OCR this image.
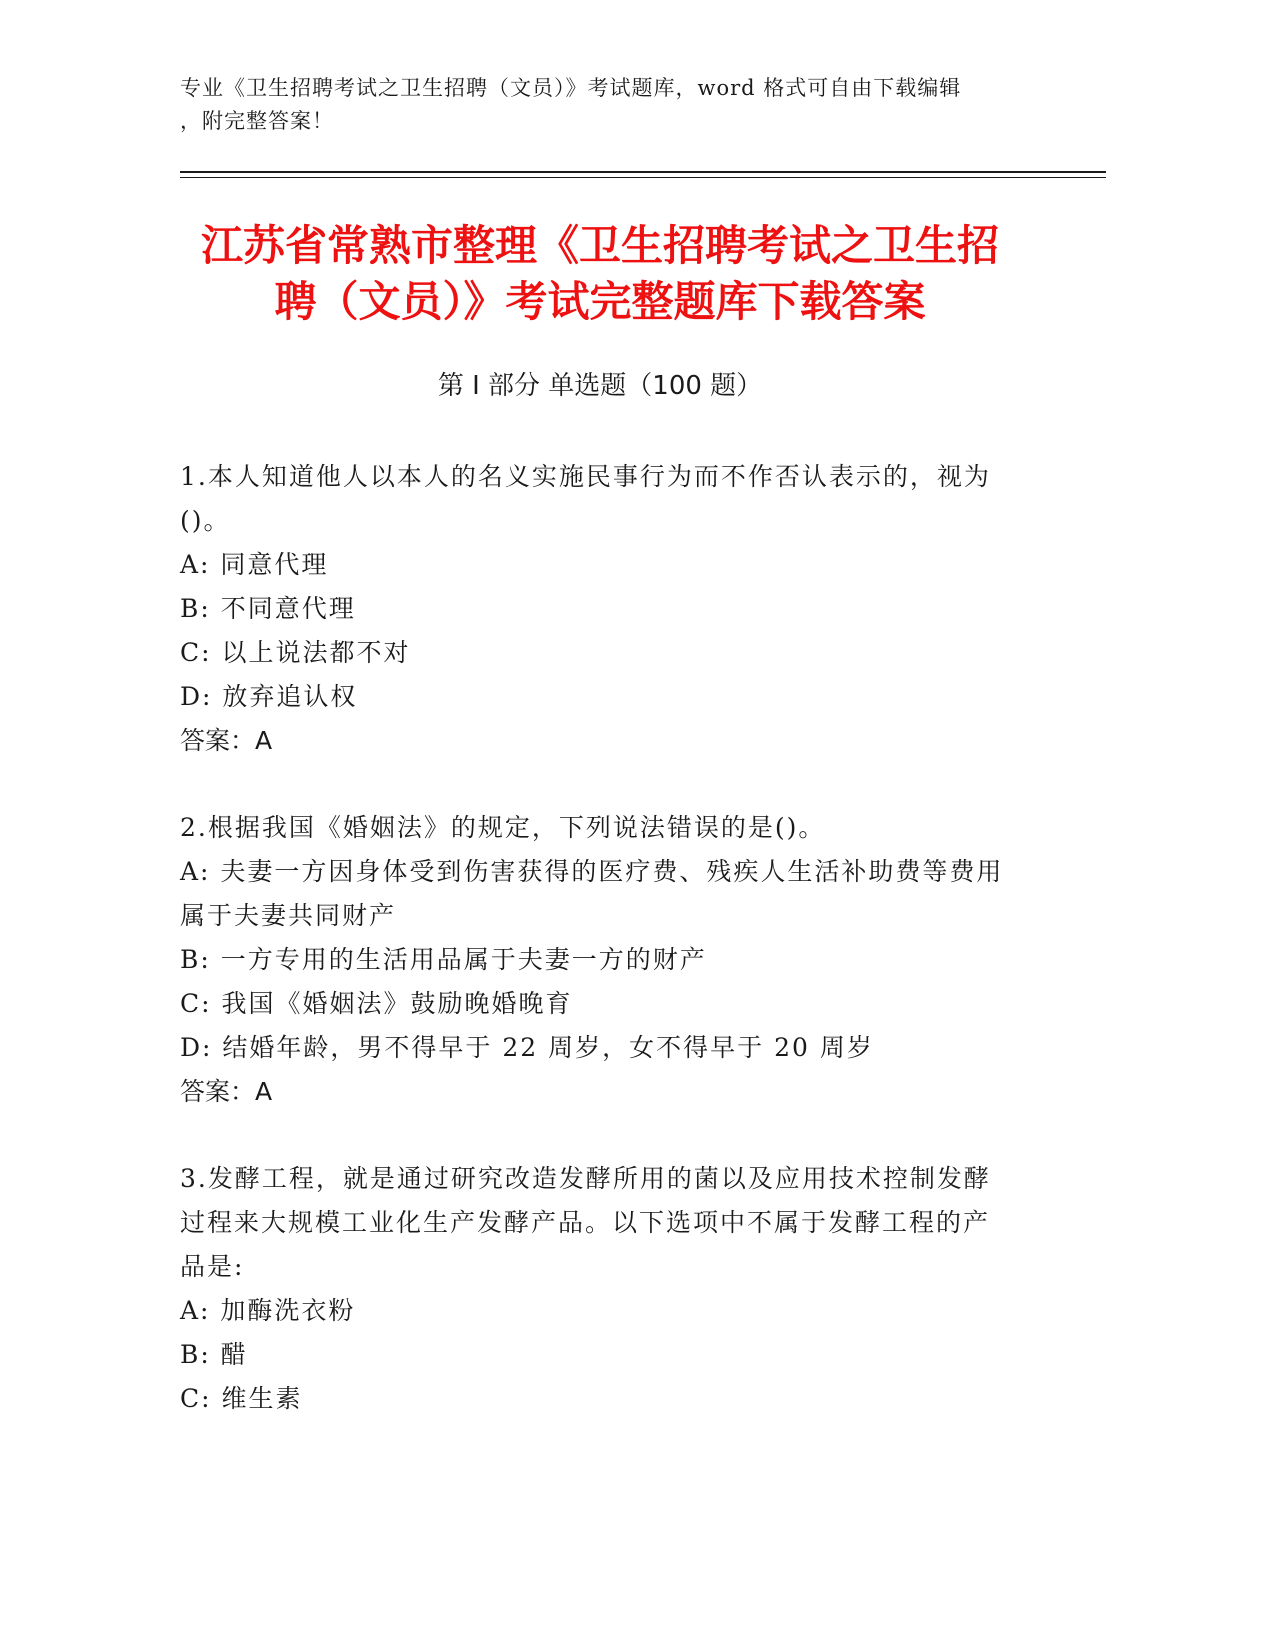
专业《卫生招聘考试之卫生招聘（文员）》考试题库，word 格式可自由下载编辑
，附完整答案！
江苏省常熟市整理《卫生招聘考试之卫生招
聘（文员）》考试完整题库下载答案
第 I 部分 单选题（100 题）
1.本人知道他人以本人的名义实施民事行为而不作否认表示的，视为
()。
A: 同意代理
B: 不同意代理
C: 以上说法都不对
D: 放弃追认权
答案：A
2.根据我国《婚姻法》的规定，下列说法错误的是()。
A: 夫妻一方因身体受到伤害获得的医疗费、残疾人生活补助费等费用
属于夫妻共同财产
B: 一方专用的生活用品属于夫妻一方的财产
C: 我国《婚姻法》鼓励晚婚晚育
D: 结婚年龄，男不得早于 22 周岁，女不得早于 20 周岁
答案：A
3.发酵工程，就是通过研究改造发酵所用的菌以及应用技术控制发酵
过程来大规模工业化生产发酵产品。以下选项中不属于发酵工程的产
品是:
A: 加酶洗衣粉
B: 醋
C: 维生素
